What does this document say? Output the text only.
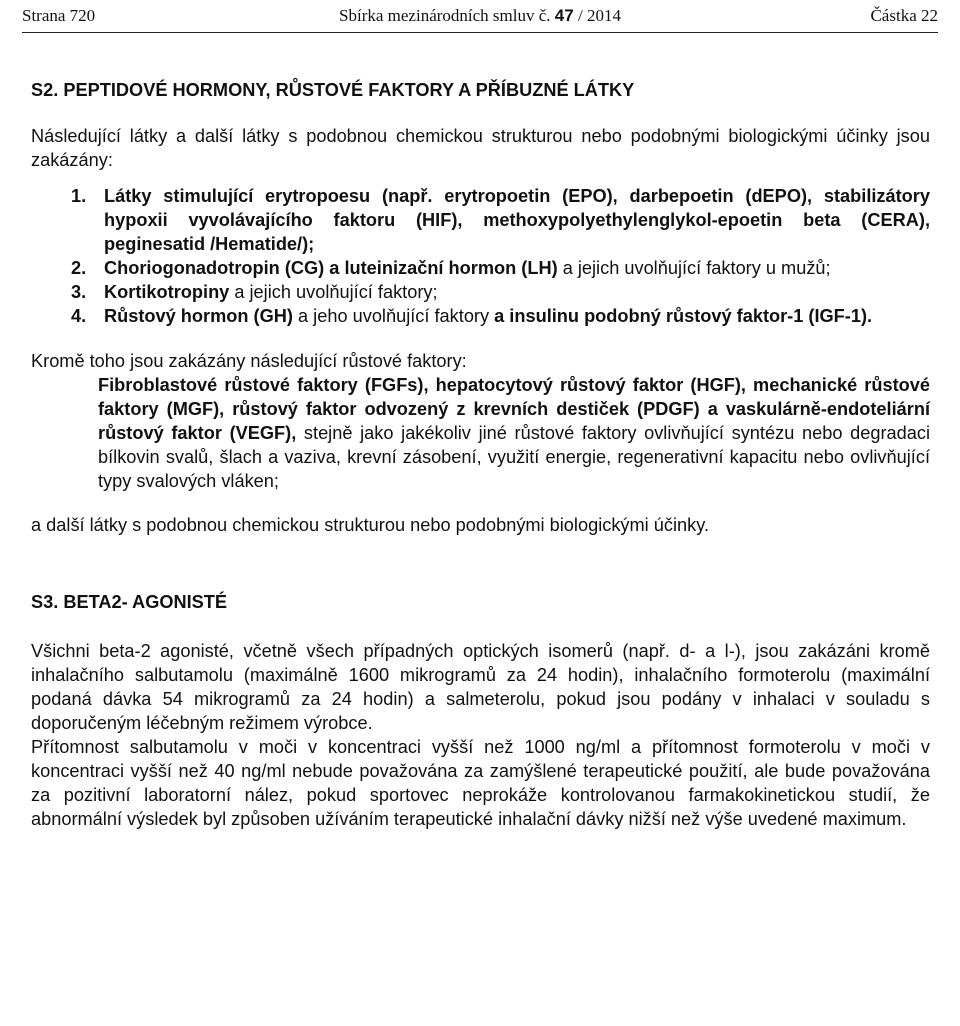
Strana 720	Sbírka mezinárodních smluv č. 47 / 2014	Částka 22
S2. PEPTIDOVÉ HORMONY, RŮSTOVÉ FAKTORY A PŘÍBUZNÉ LÁTKY

Následující látky a další látky s podobnou chemickou strukturou nebo podobnými biologickými účinky jsou zakázány:

1. Látky stimulující erytropoesu (např. erytropoetin (EPO), darbepoetin (dEPO), stabilizátory hypoxii vyvolávajícího faktoru (HIF), methoxypolyethylenglykol-epoetin beta (CERA), peginesatid /Hematide/);
2. Choriogonadotropin (CG) a luteinizační hormon (LH) a jejich uvolňující faktory u mužů;
3. Kortikotropiny a jejich uvolňující faktory;
4. Růstový hormon (GH) a jeho uvolňující faktory a insulinu podobný růstový faktor-1 (IGF-1).

Kromě toho jsou zakázány následující růstové faktory:

Fibroblastové růstové faktory (FGFs), hepatocytový růstový faktor (HGF), mechanické růstové faktory (MGF), růstový faktor odvozený z krevních destiček (PDGF) a vaskulárně-endoteliární růstový faktor (VEGF), stejně jako jakékoliv jiné růstové faktory ovlivňující syntézu nebo degradaci bílkovin svalů, šlach a vaziva, krevní zásobení, využití energie, regenerativní kapacitu nebo ovlivňující typy svalových vláken;

a další látky s podobnou chemickou strukturou nebo podobnými biologickými účinky.

S3. BETA2- AGONISTÉ

Všichni beta-2 agonisté, včetně všech případných optických isomerů (např. d- a l-), jsou zakázáni kromě inhalačního salbutamolu (maximálně 1600 mikrogramů za 24 hodin), inhalačního formoterolu (maximální podaná dávka 54 mikrogramů za 24 hodin) a salmeterolu, pokud jsou podány v inhalaci v souladu s doporučeným léčebným režimem výrobce.

Přítomnost salbutamolu v moči v koncentraci vyšší než 1000 ng/ml a přítomnost formoterolu v moči v koncentraci vyšší než 40 ng/ml nebude považována za zamýšlené terapeutické použití, ale bude považována za pozitivní laboratorní nález, pokud sportovec neprokáže kontrolovanou farmakokinetickou studií, že abnormální výsledek byl způsoben užíváním terapeutické inhalační dávky nižší než výše uvedené maximum.
